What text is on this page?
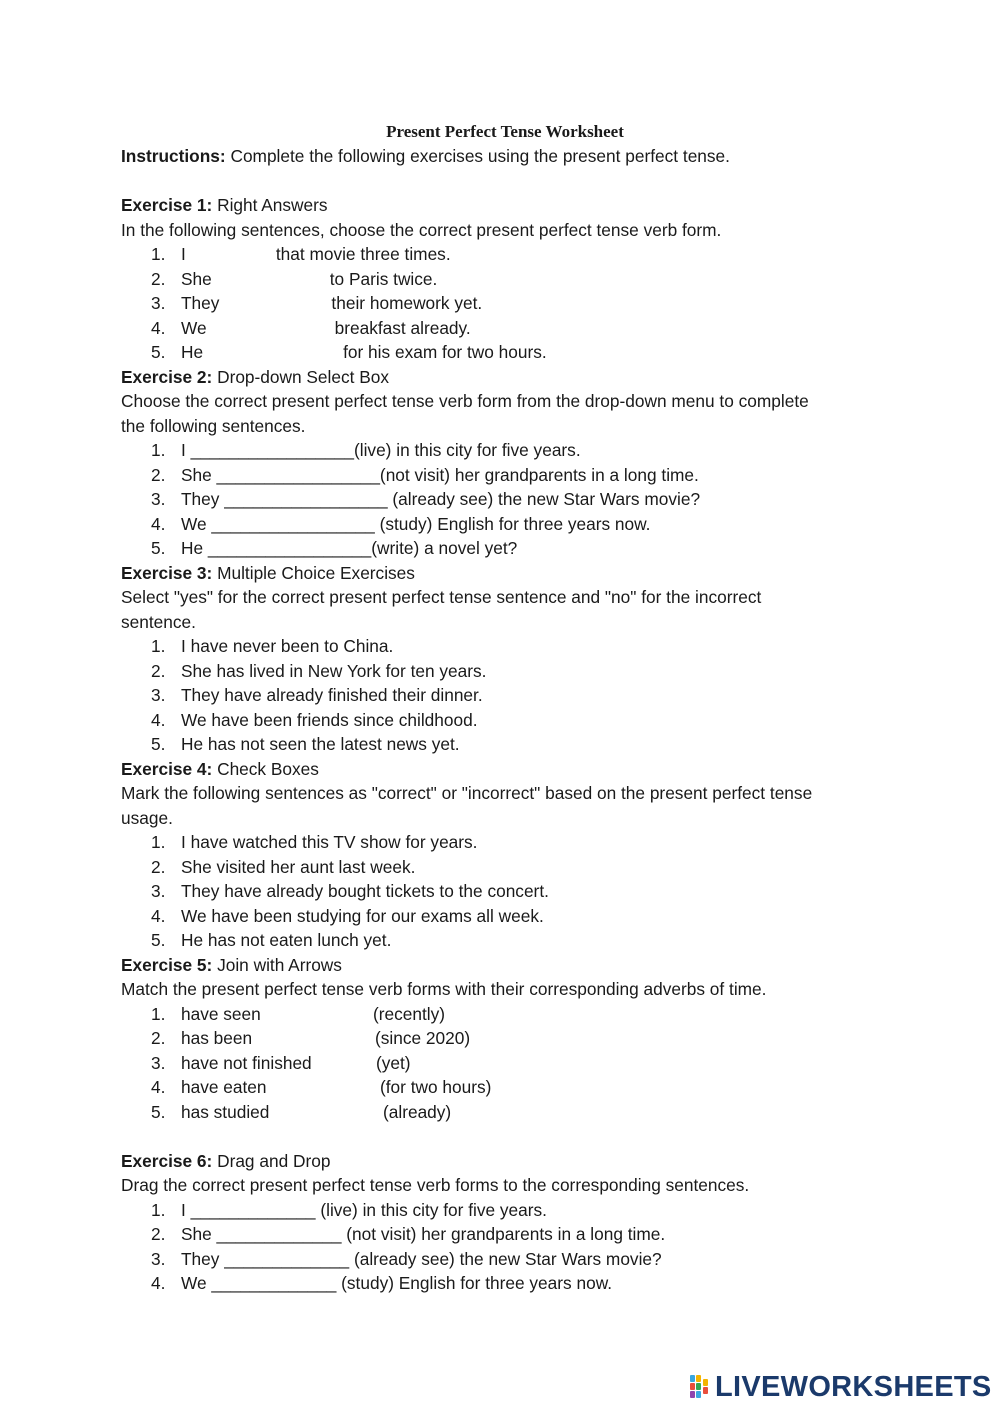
Present Perfect Tense Worksheet
Instructions: Complete the following exercises using the present perfect tense.
Exercise 1: Right Answers
In the following sentences, choose the correct present perfect tense verb form.
1. I	that movie three times.
2. She	to Paris twice.
3. They	their homework yet.
4. We	breakfast already.
5. He	for his exam for two hours.
Exercise 2: Drop-down Select Box
Choose the correct present perfect tense verb form from the drop-down menu to complete
the following sentences.
1. I _________________(live) in this city for five years.
2. She _________________(not visit) her grandparents in a long time.
3. They _________________ (already see) the new Star Wars movie?
4. We _________________ (study) English for three years now.
5. He _________________(write) a novel yet?
Exercise 3: Multiple Choice Exercises
Select "yes" for the correct present perfect tense sentence and "no" for the incorrect
sentence.
1. I have never been to China.
2. She has lived in New York for ten years.
3. They have already finished their dinner.
4. We have been friends since childhood.
5. He has not seen the latest news yet.
Exercise 4: Check Boxes
Mark the following sentences as "correct" or "incorrect" based on the present perfect tense
usage.
1. I have watched this TV show for years.
2. She visited her aunt last week.
3. They have already bought tickets to the concert.
4. We have been studying for our exams all week.
5. He has not eaten lunch yet.
Exercise 5: Join with Arrows
Match the present perfect tense verb forms with their corresponding adverbs of time.
1. have seen	(recently)
2. has been	(since 2020)
3. have not finished	(yet)
4. have eaten	(for two hours)
5. has studied	(already)
Exercise 6: Drag and Drop
Drag the correct present perfect tense verb forms to the corresponding sentences.
1. I _____________ (live) in this city for five years.
2. She _____________ (not visit) her grandparents in a long time.
3. They _____________ (already see) the new Star Wars movie?
4. We _____________ (study) English for three years now.
LIVEWORKSHEETS
